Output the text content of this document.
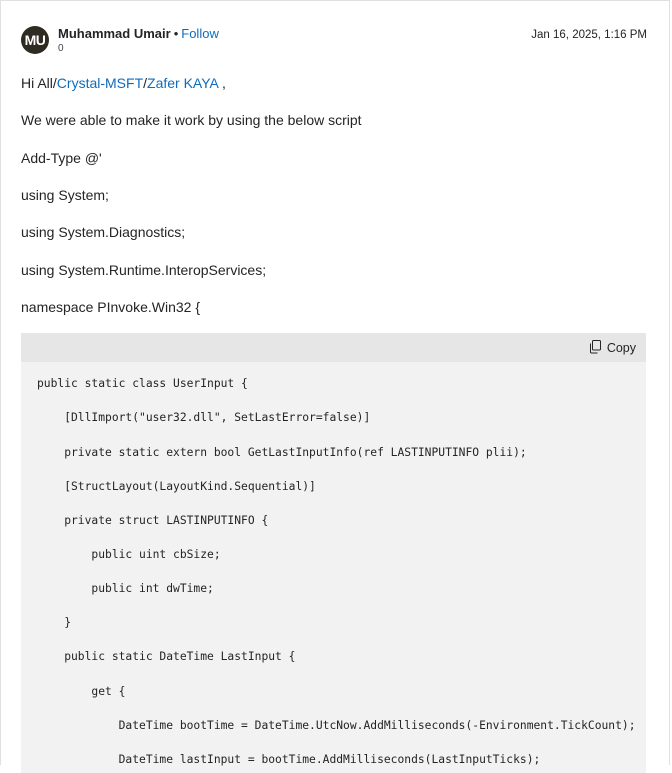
MU Muhammad Umair • Follow
0
Jan 16, 2025, 1:16 PM
Hi All/Crystal-MSFT/Zafer KAYA ,
We were able to make it work by using the below script
Add-Type @'
using System;
using System.Diagnostics;
using System.Runtime.InteropServices;
namespace PInvoke.Win32 {
Copy
public static class UserInput {
[DllImport("user32.dll", SetLastError=false)]
private static extern bool GetLastInputInfo(ref LASTINPUTINFO plii);
[StructLayout(LayoutKind.Sequential)]
private struct LASTINPUTINFO {
public uint cbSize;
public int dwTime;
}
public static DateTime LastInput {
get {
DateTime bootTime = DateTime.UtcNow.AddMilliseconds(-Environment.TickCount);
DateTime lastInput = bootTime.AddMilliseconds(LastInputTicks);
